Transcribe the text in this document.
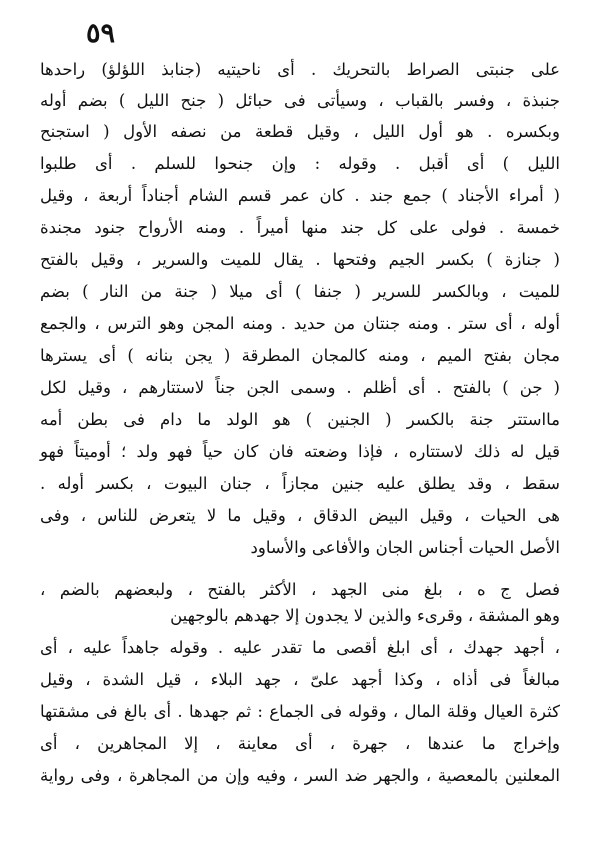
٥٩
على جنبتى الصراط بالتحريك . أى ناحيتيه (جنابذ اللؤلؤ) راحدها
جنبذة ، وفسر بالقباب ، وسيأتى فى حبائل ( جنح الليل ) بضم أوله
وبكسره . هو أول الليل ، وقيل قطعة من نصفه الأول ( استجنح
الليل ) أى أقبل . وقوله : وإن جنحوا للسلم . أى طلبوا
( أمراء الأجناد ) جمع جند . كان عمر قسم الشام أجناداً أربعة ، وقيل
خمسة . فولى على كل جند منها أميراً . ومنه الأرواح جنود مجندة
( جنازة ) بكسر الجيم وفتحها . يقال للميت والسرير ، وقيل بالفتح
للميت ، وبالكسر للسرير ( جنفا ) أى ميلا ( جنة من النار ) بضم
أوله ، أى ستر . ومنه جنتان من حديد . ومنه المجن وهو الترس ، والجمع
مجان بفتح الميم ، ومنه كالمجان المطرقة ( يجن بنانه ) أى يسترها
( جن ) بالفتح . أى أظلم . وسمى الجن جناً لاستتارهم ، وقيل لكل
مااستتر جنة بالكسر ( الجنين ) هو الولد ما دام فى بطن أمه
قيل له ذلك لاستتاره ، فإذا وضعته فان كان حياً فهو ولد ؛ أوميتاً فهو
سقط ، وقد يطلق عليه جنين مجازاً ، جنان البيوت ، بكسر أوله .
هى الحيات ، وقيل البيض الدقاق ، وقيل ما لا يتعرض للناس ، وفى
الأصل الحيات أجناس الجان والأفاعى والأساود
فصل ج ه ، بلغ منى الجهد ، الأكثر بالفتح ، ولبعضهم بالضم ،
وهو المشقة ، وقرىء والذين لا يجدون إلا جهدهم بالوجهين
، أجهد جهدك ، أى ابلغ أقصى ما تقدر عليه . وقوله جاهداً عليه ، أى
مبالغاً فى أذاه ، وكذا أجهد علىّ ، جهد البلاء ، قيل الشدة ، وقيل
كثرة العيال وقلة المال ، وقوله فى الجماع : ثم جهدها . أى بالغ فى مشقتها
وإخراج ما عندها ، جهرة ، أى معاينة ، إلا المجاهرين ، أى
المعلنين بالمعصية ، والجهر ضد السر ، وفيه وإن من المجاهرة ، وفى رواية
